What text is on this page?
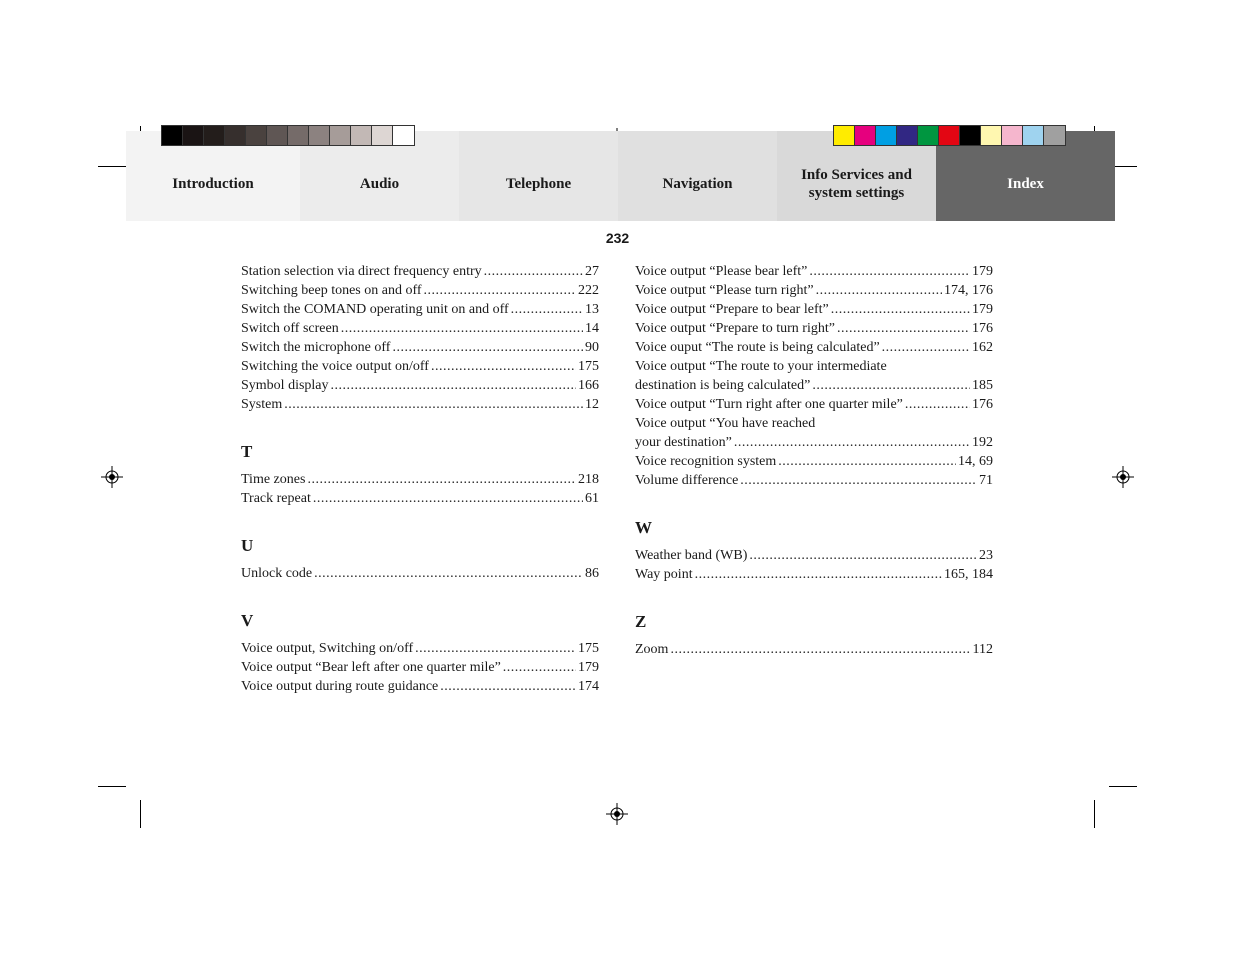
Introduction	Audio	Telephone	Navigation
Info Services and system settings
Index
232
Station selection via direct frequency entry .....	27
Switching beep tones on and off .....	222
Switch the COMAND operating unit on and off .....	13
Switch off screen .....	14
Switch the microphone off .....	90
Switching the voice output on/off .....	175
Symbol display .....	166
System .....	12
T
Time zones .....	218
Track repeat .....	61
U
Unlock code .....	86
V
Voice output, Switching on/off .....	175
Voice output “Bear left after one quarter mile” .....	179
Voice output during route guidance .....	174
Voice output “Please bear left” .....	179
Voice output “Please turn right” .....	174, 176
Voice output “Prepare to bear left” .....	179
Voice output “Prepare to turn right” .....	176
Voice ouput “The route is being calculated” .....	162
Voice output “The route to your intermediate
destination is being calculated” .....	185
Voice output “Turn right after one quarter mile” .....	176
Voice output “You have reached
your destination” .....	192
Voice recognition system .....	14, 69
Volume difference .....	71
W
Weather band (WB) .....	23
Way point .....	165, 184
Z
Zoom .....	112
